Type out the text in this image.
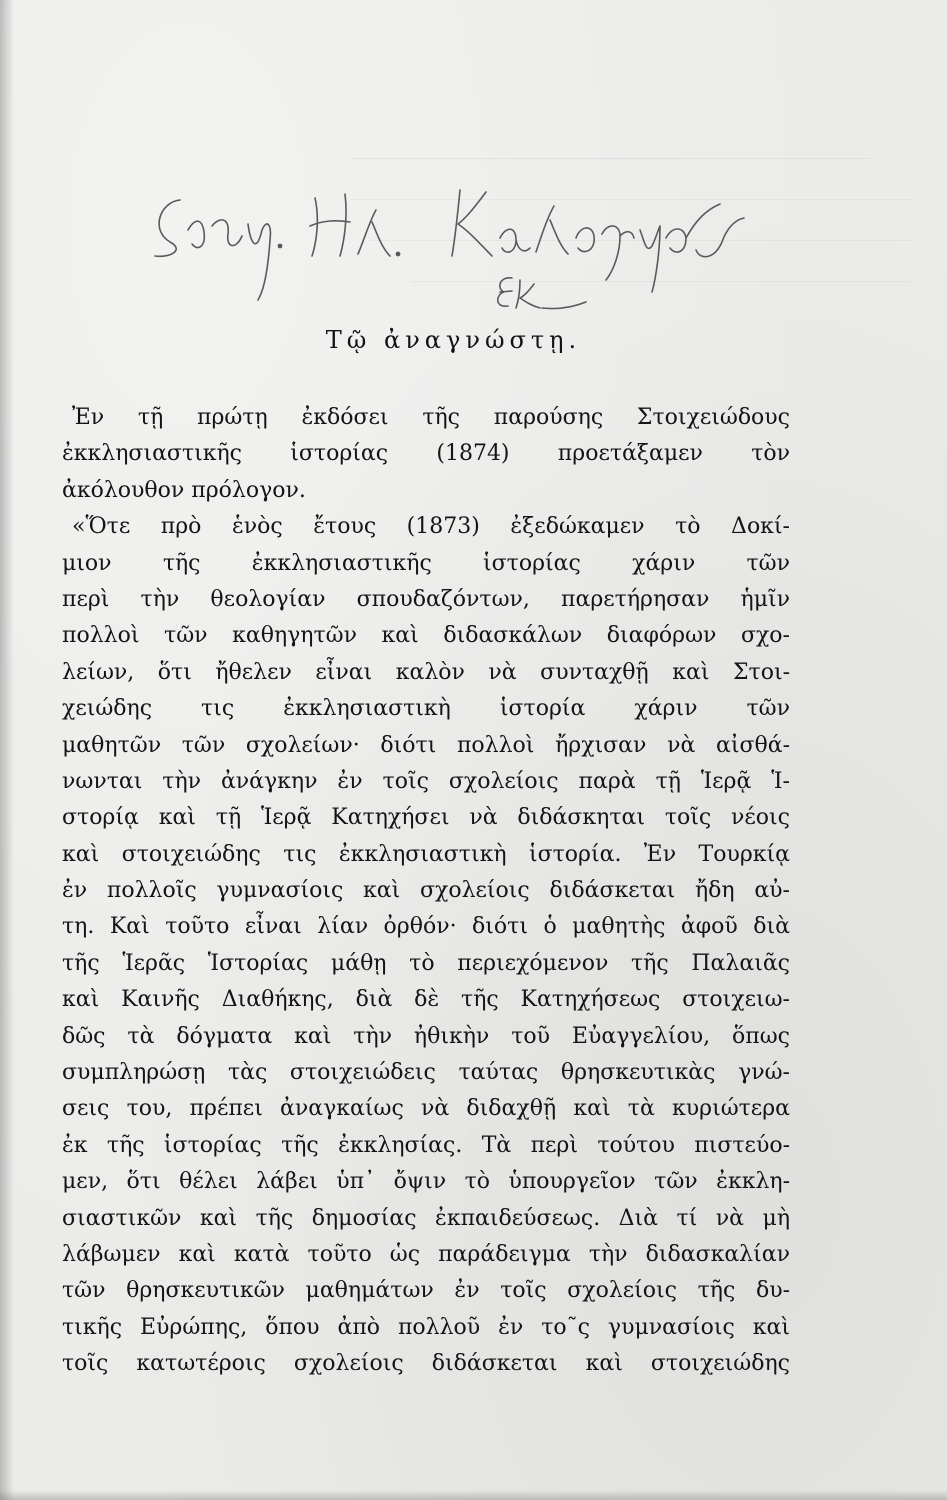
Τῷ ἀναγνώστῃ.
Ἐν τῇ πρώτῃ ἐκδόσει τῆς παρούσης Στοιχειώδους
ἐκκλησιαστικῆς ἱστορίας (1874) προετάξαμεν τὸν
ἀκόλουθον πρόλογον.
«Ὅτε πρὸ ἑνὸς ἔτους (1873) ἐξεδώκαμεν τὸ Δοκί-
μιον τῆς ἐκκλησιαστικῆς ἱστορίας χάριν τῶν
περὶ τὴν θεολογίαν σπουδαζόντων, παρετήρησαν ἡμῖν
πολλοὶ τῶν καθηγητῶν καὶ διδασκάλων διαφόρων σχο-
λείων, ὅτι ἤθελεν εἶναι καλὸν νὰ συνταχθῇ καὶ Στοι-
χειώδης τις ἐκκλησιαστικὴ ἱστορία χάριν τῶν
μαθητῶν τῶν σχολείων· διότι πολλοὶ ἤρχισαν νὰ αἰσθά-
νωνται τὴν ἀνάγκην ἐν τοῖς σχολείοις παρὰ τῇ Ἱερᾷ Ἱ-
στορίᾳ καὶ τῇ Ἱερᾷ Κατηχήσει νὰ διδάσκηται τοῖς νέοις
καὶ στοιχειώδης τις ἐκκλησιαστικὴ ἱστορία. Ἐν Τουρκίᾳ
ἐν πολλοῖς γυμνασίοις καὶ σχολείοις διδάσκεται ἤδη αὐ-
τη. Καὶ τοῦτο εἶναι λίαν ὀρθόν· διότι ὁ μαθητὴς ἀφοῦ διὰ
τῆς Ἱερᾶς Ἱστορίας μάθῃ τὸ περιεχόμενον τῆς Παλαιᾶς
καὶ Καινῆς Διαθήκης, διὰ δὲ τῆς Κατηχήσεως στοιχειω-
δῶς τὰ δόγματα καὶ τὴν ἠθικὴν τοῦ Εὐαγγελίου, ὅπως
συμπληρώσῃ τὰς στοιχειώδεις ταύτας θρησκευτικὰς γνώ-
σεις του, πρέπει ἀναγκαίως νὰ διδαχθῇ καὶ τὰ κυριώτερα
ἐκ τῆς ἱστορίας τῆς ἐκκλησίας. Τὰ περὶ τούτου πιστεύο-
μεν, ὅτι θέλει λάβει ὑπ᾽ ὄψιν τὸ ὑπουργεῖον τῶν ἐκκλη-
σιαστικῶν καὶ τῆς δημοσίας ἐκπαιδεύσεως. Διὰ τί νὰ μὴ
λάβωμεν καὶ κατὰ τοῦτο ὡς παράδειγμα τὴν διδασκαλίαν
τῶν θρησκευτικῶν μαθημάτων ἐν τοῖς σχολείοις τῆς δυ-
τικῆς Εὐρώπης, ὅπου ἀπὸ πολλοῦ ἐν το῀ς γυμνασίοις καὶ
τοῖς κατωτέροις σχολείοις διδάσκεται καὶ στοιχειώδης
